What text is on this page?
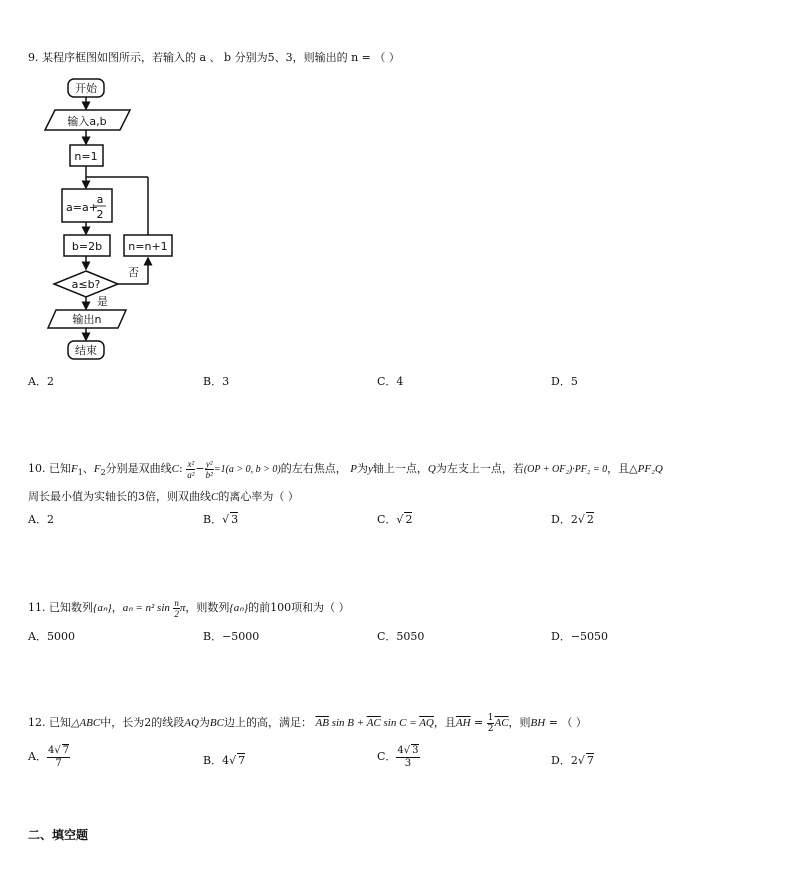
9. 某程序框图如图所示，若输入的 a 、 b 分别为5、3，则输出的 n = （ ）
开始
输入a,b
n=1
a=a+
a
2
b=2b n=n+1
a≤b?
否
是
输出n
结束
A．2	B．3	C．4	D．5
10. 已知$F_1$、$F_2$分别是双曲线C: $\frac{\text{x²}}{\text{a²}} - \frac{\text{y²}}{\text{b²}} =1(a > 0$, b > 0)的左右焦点， P为y轴上一点，Q为左支上一点，若(OP + OF₂)·PF₂ = 0，且△PF₂Q
周长最小值为实轴长的3倍，则双曲线C的离心率为（ ）
A．2	B．√ 3	C．√ 2	D．2√ 2
11. 已知数列{aₙ}，aₙ = n² $\sin \frac{n}{2}$ π，则数列{aₙ}的前100项和为（ ）
A．5000	B．−5000	C．5050	D．−5050
12. 已知△ABC中，长为2的线段AQ为BC边上的高，满足： $\overline{AB}$ $\sin B + \overline{AC}$ $\sin C = \overline{AQ}$，且$\overline{AH} = \frac{1}{2} \overline{AC}$，则BH = （ ）
A． $\frac{4√ 7}{7}$	B．4√ 7	C． $\frac{4√ 3}{3}$	D．2√ 7
二、填空题
